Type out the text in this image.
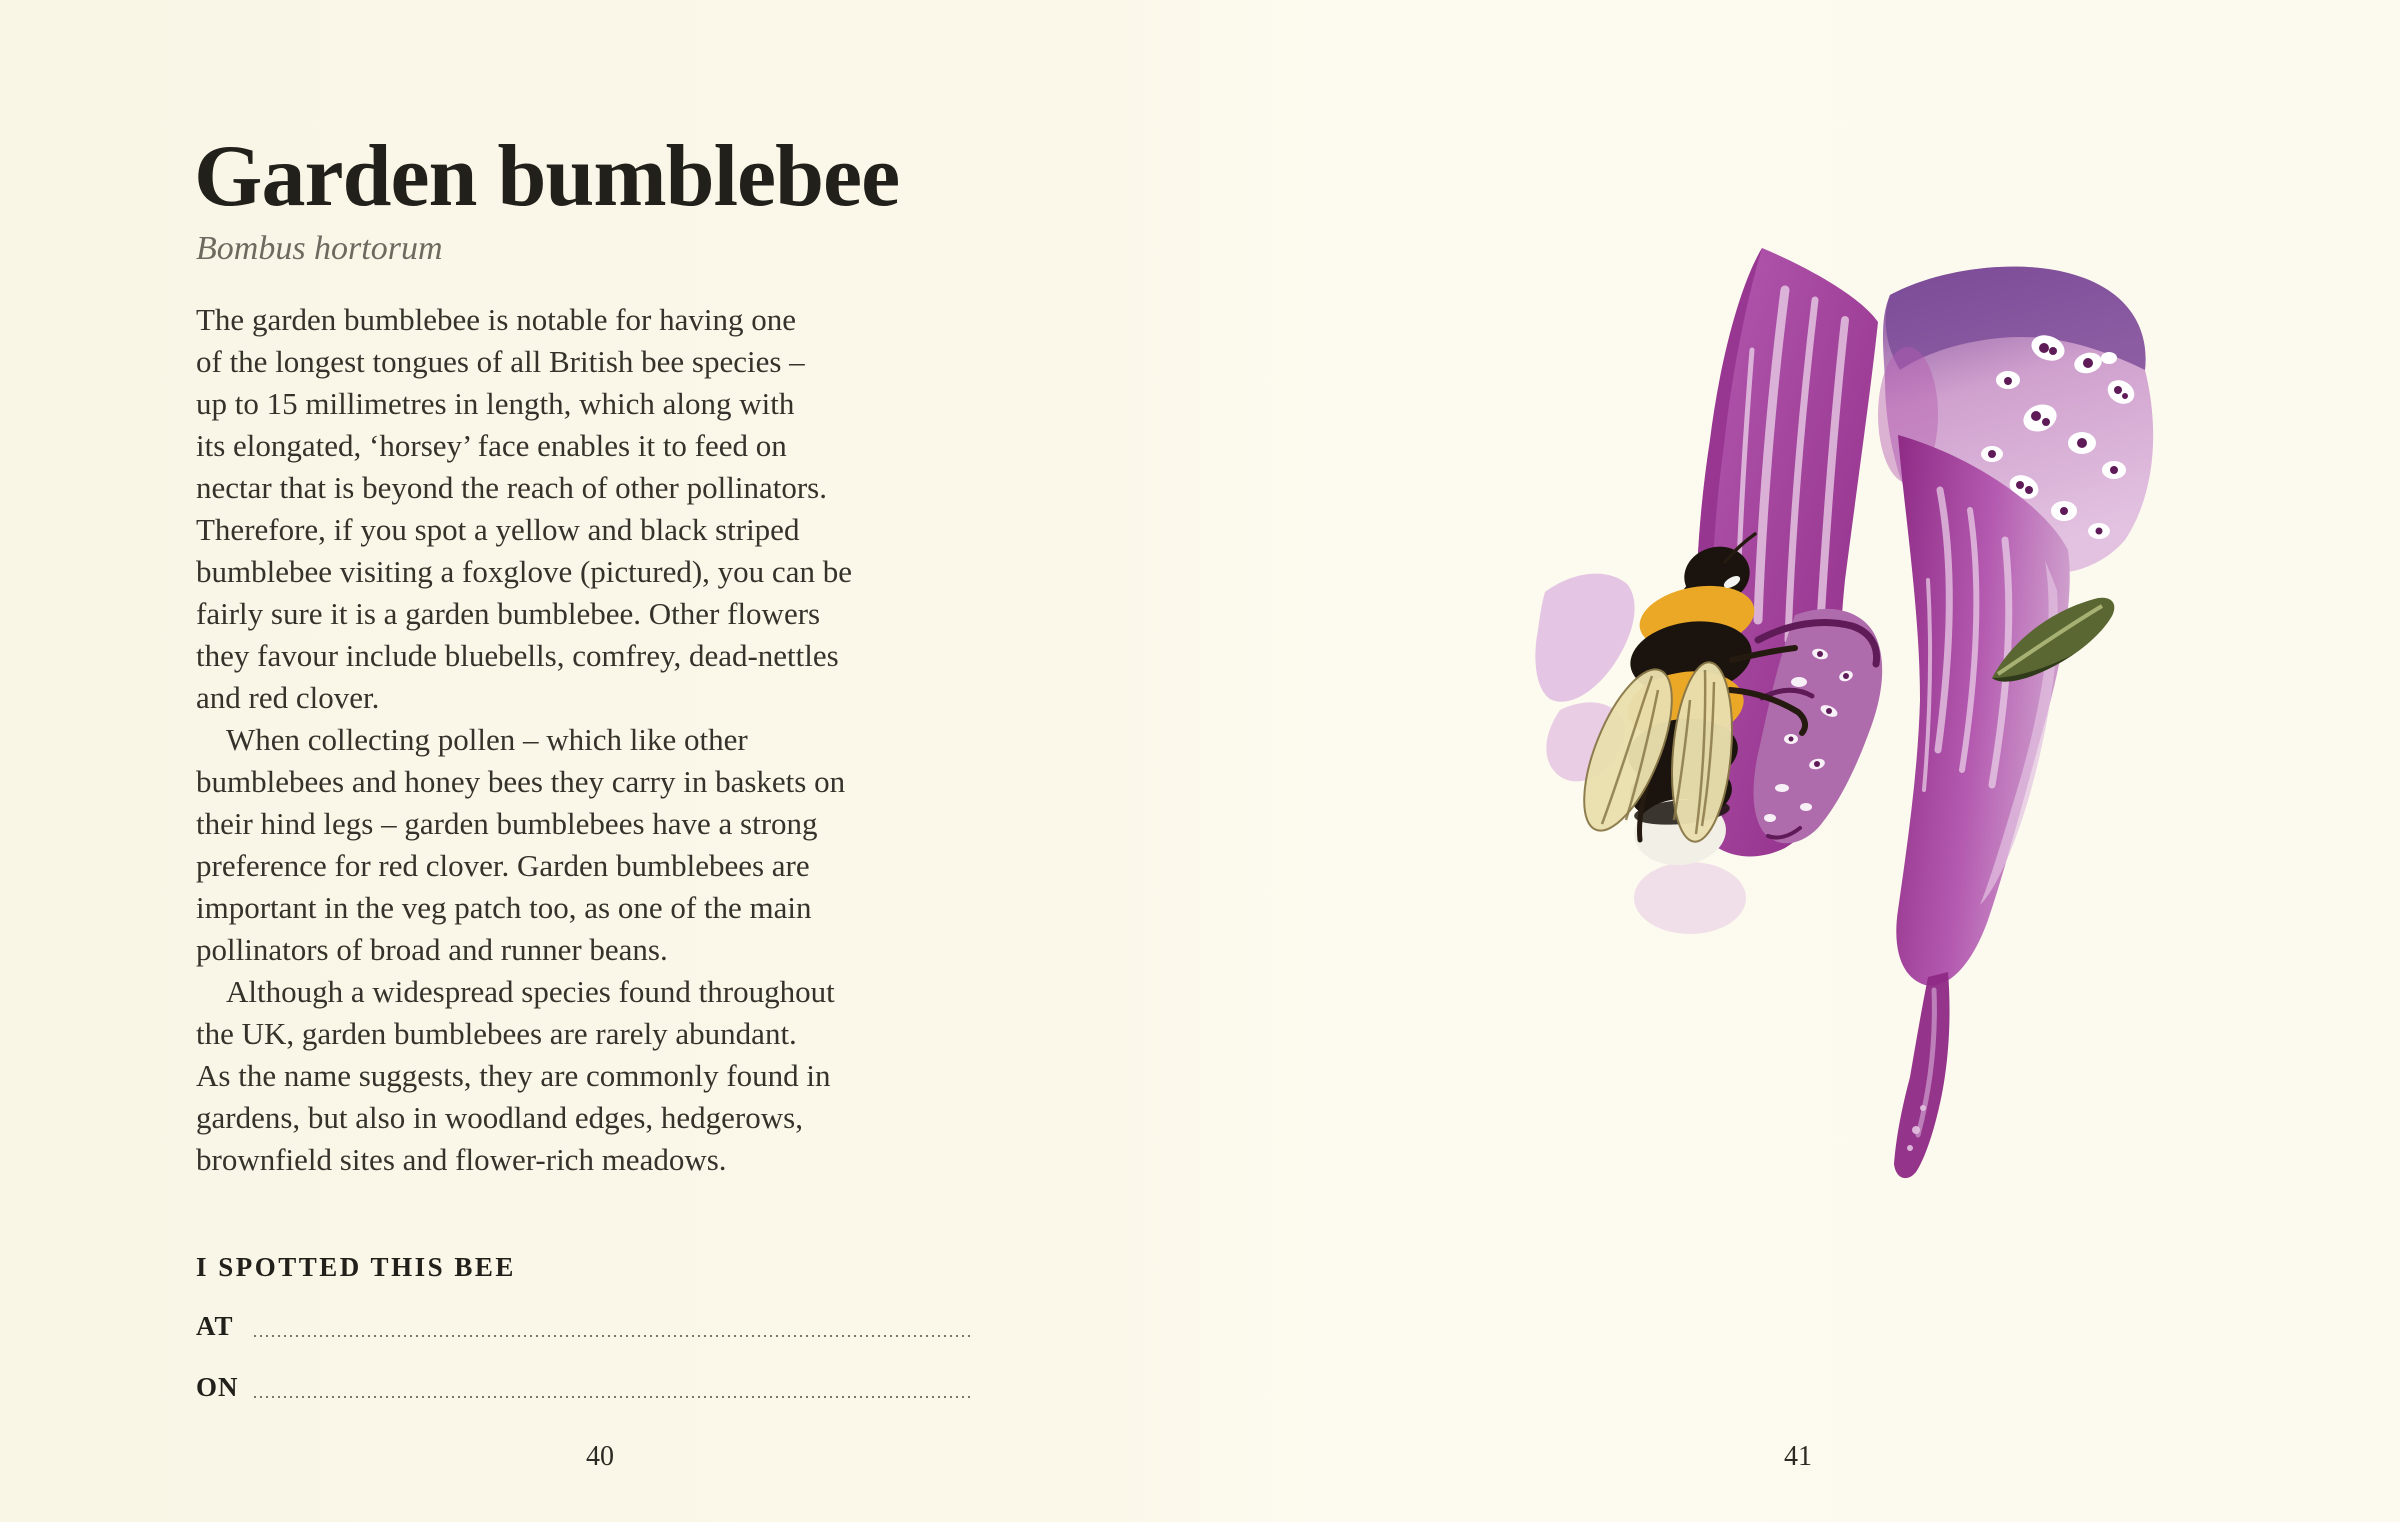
Garden bumblebee
Bombus hortorum

The garden bumblebee is notable for having one
of the longest tongues of all British bee species –
up to 15 millimetres in length, which along with
its elongated, ‘horsey’ face enables it to feed on
nectar that is beyond the reach of other pollinators.
Therefore, if you spot a yellow and black striped
bumblebee visiting a foxglove (pictured), you can be
fairly sure it is a garden bumblebee. Other flowers
they favour include bluebells, comfrey, dead-nettles
and red clover.

When collecting pollen – which like other
bumblebees and honey bees they carry in baskets on
their hind legs – garden bumblebees have a strong
preference for red clover. Garden bumblebees are
important in the veg patch too, as one of the main
pollinators of broad and runner beans.
Although a widespread species found throughout
the UK, garden bumblebees are rarely abundant.
As the name suggests, they are commonly found in
gardens, but also in woodland edges, hedgerows,
brownfield sites and flower-rich meadows.

I SPOTTED THIS BEE
AT
ON
40	41
